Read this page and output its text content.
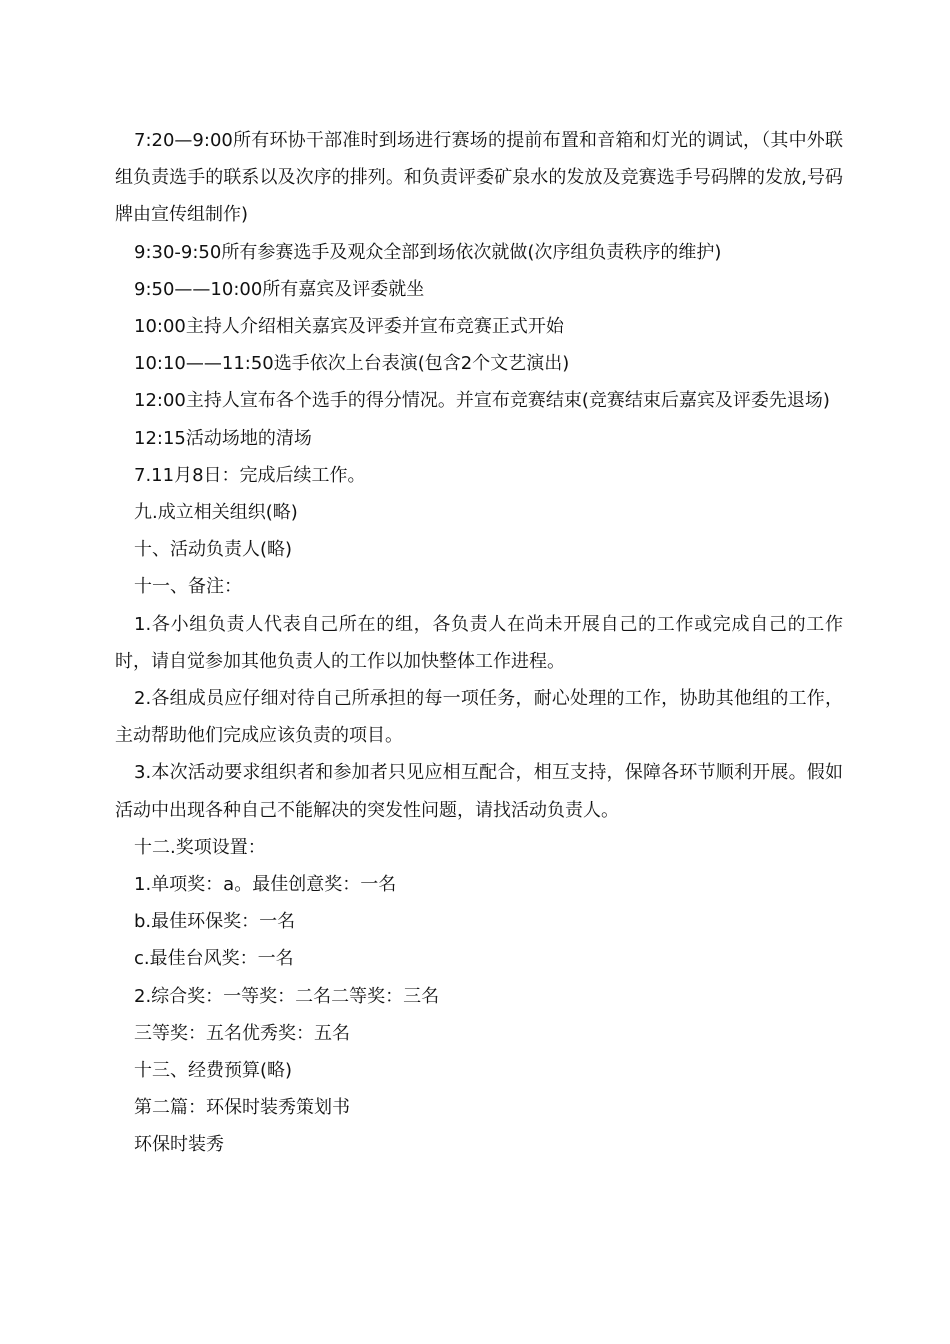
7:20—9:00所有环协干部准时到场进行赛场的提前布置和音箱和灯光的调试，（其中外联组负责选手的联系以及次序的排列。和负责评委矿泉水的发放及竞赛选手号码牌的发放,号码牌由宣传组制作)

9:30-9:50所有参赛选手及观众全部到场依次就做(次序组负责秩序的维护)

9:50——10:00所有嘉宾及评委就坐

10:00主持人介绍相关嘉宾及评委并宣布竞赛正式开始

10:10——11:50选手依次上台表演(包含2个文艺演出)

12:00主持人宣布各个选手的得分情况。并宣布竞赛结束(竞赛结束后嘉宾及评委先退场)

12:15活动场地的清场

7.11月8日：完成后续工作。

九.成立相关组织(略)

十、活动负责人(略)

十一、备注：

1.各小组负责人代表自己所在的组，各负责人在尚未开展自己的工作或完成自己的工作时，请自觉参加其他负责人的工作以加快整体工作进程。

2.各组成员应仔细对待自己所承担的每一项任务，耐心处理的工作，协助其他组的工作，主动帮助他们完成应该负责的项目。

3.本次活动要求组织者和参加者只见应相互配合，相互支持，保障各环节顺利开展。假如活动中出现各种自己不能解决的突发性问题，请找活动负责人。

十二.奖项设置：

1.单项奖：a。最佳创意奖：一名

b.最佳环保奖：一名

c.最佳台风奖：一名

2.综合奖：一等奖：二名二等奖：三名

三等奖：五名优秀奖：五名

十三、经费预算(略)

第二篇：环保时装秀策划书

环保时装秀
